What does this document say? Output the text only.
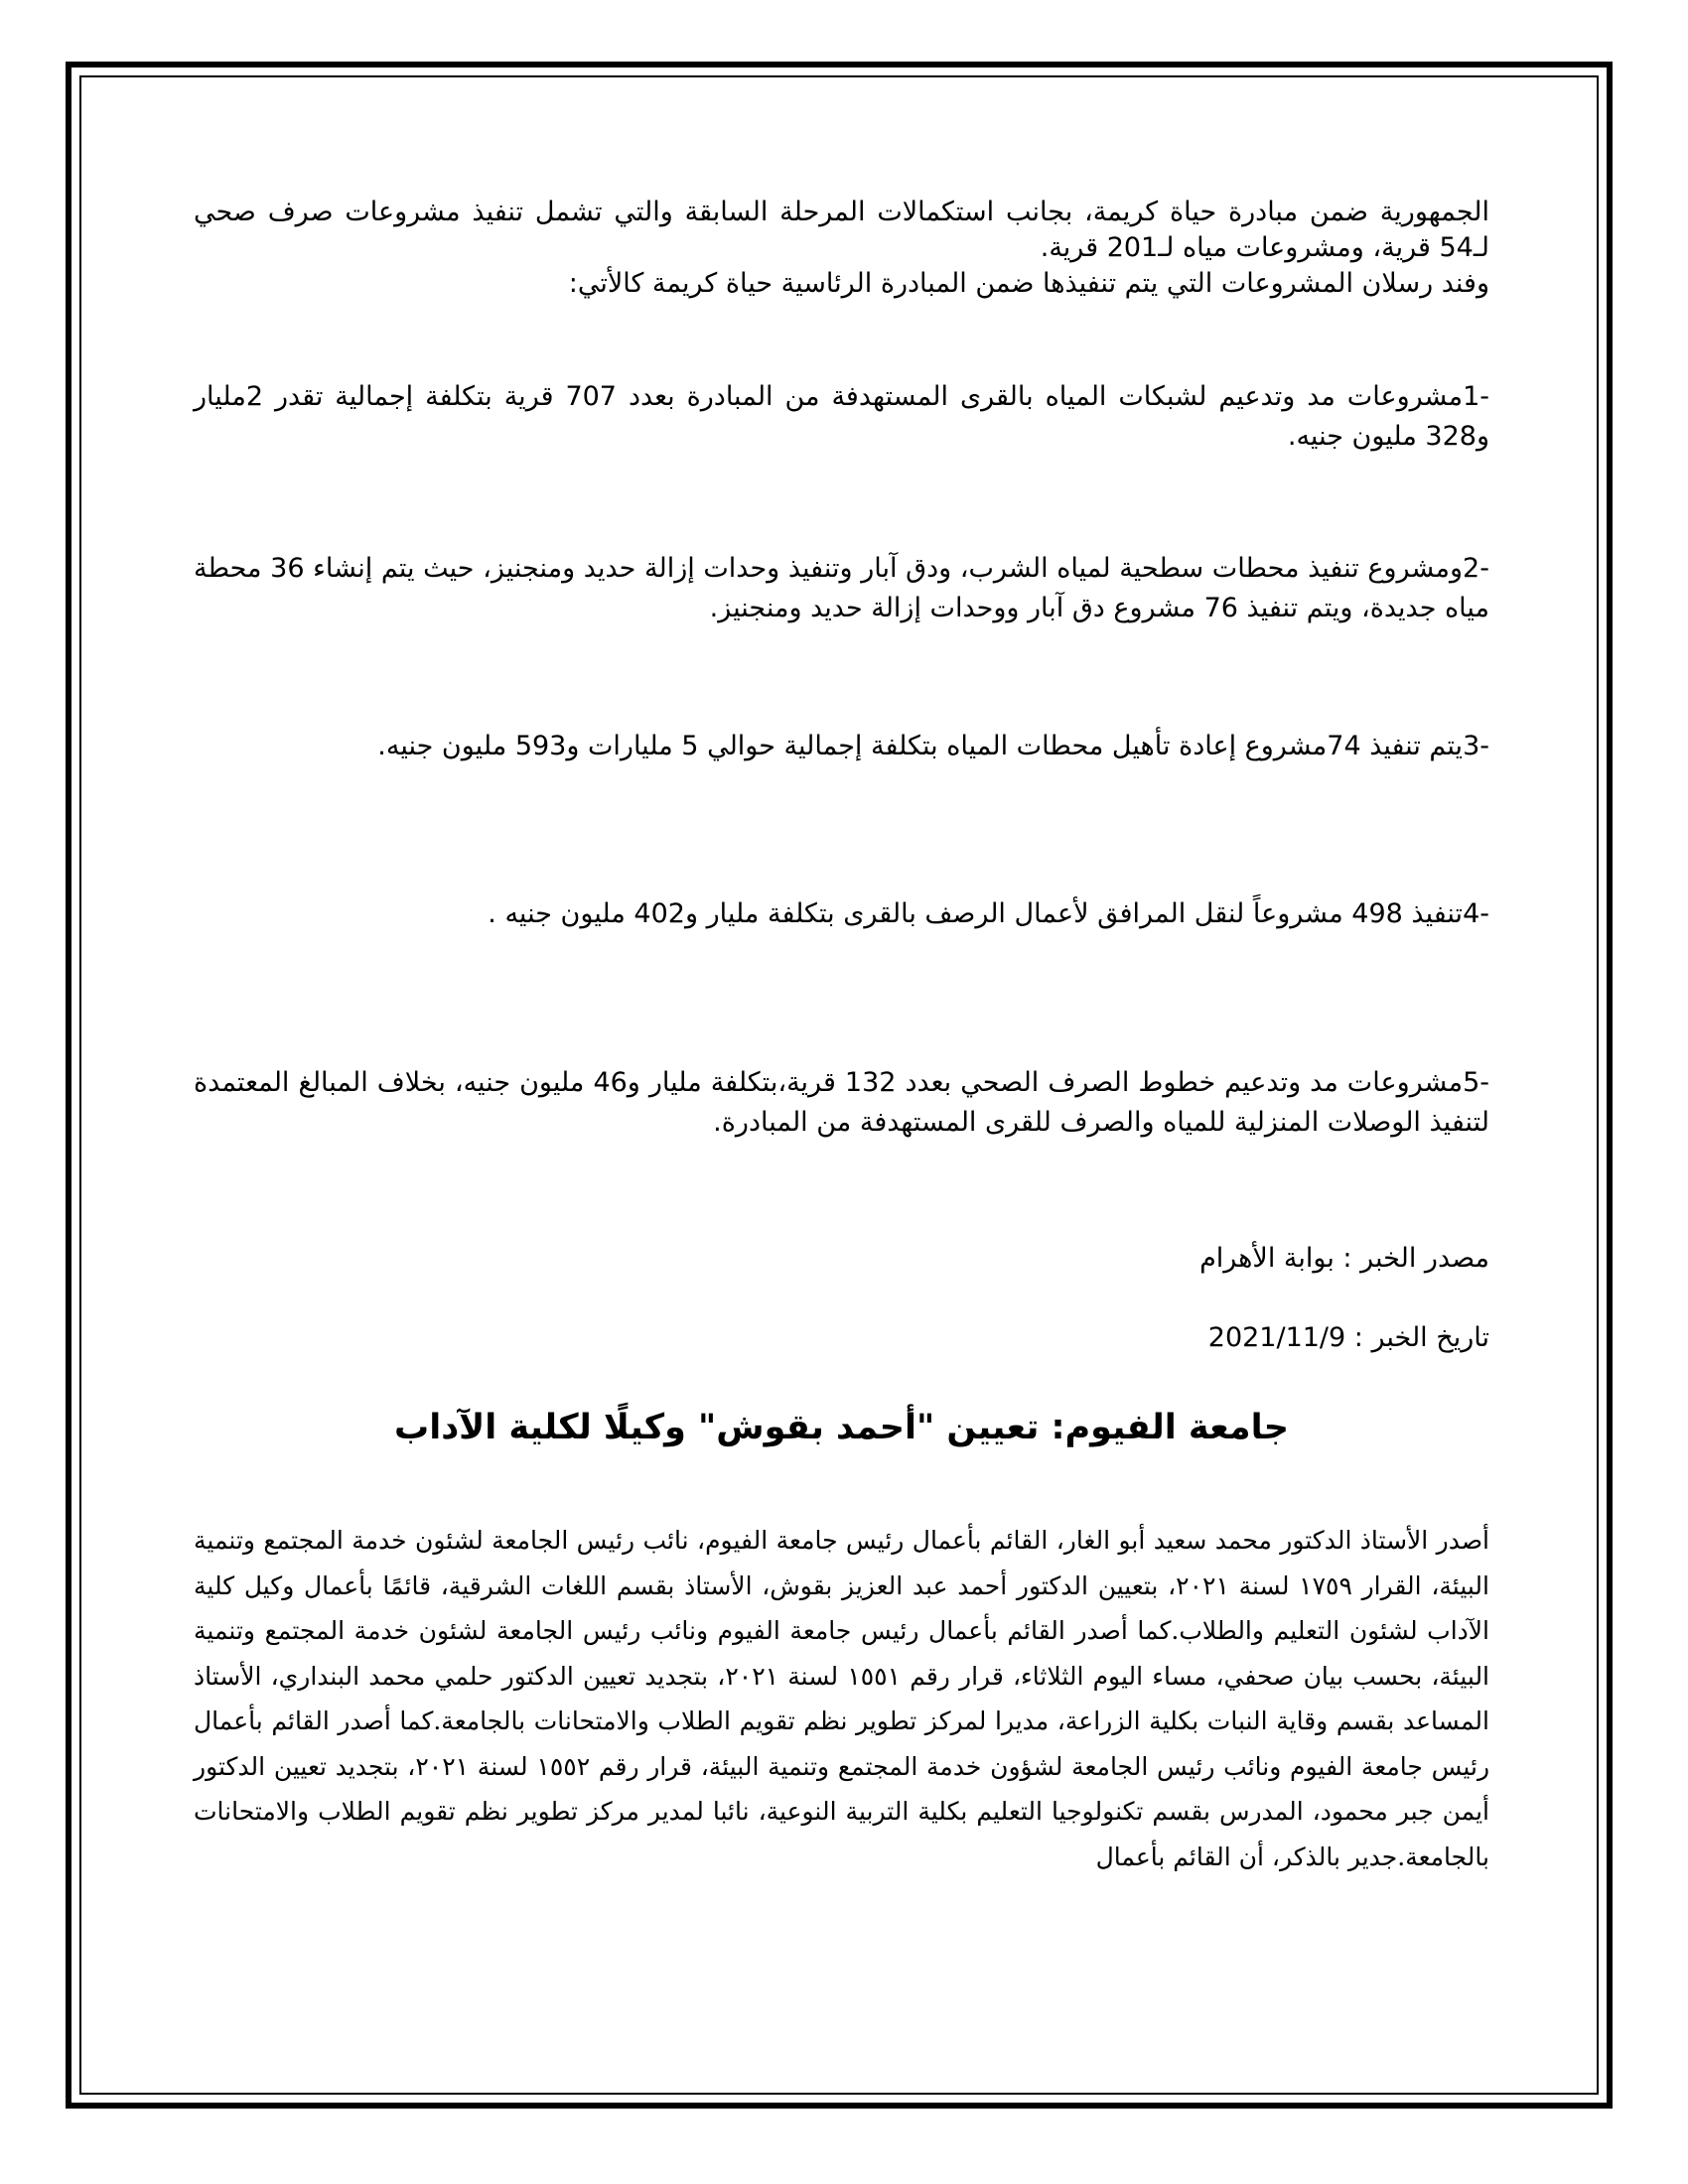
الجمهورية ضمن مبادرة حياة كريمة، بجانب استكمالات المرحلة السابقة والتي تشمل تنفيذ مشروعات صرف صحي لـ54 قرية، ومشروعات مياه لـ201 قرية.

وفند رسلان المشروعات التي يتم تنفيذها ضمن المبادرة الرئاسية حياة كريمة كالأتي:

-1مشروعات مد وتدعيم لشبكات المياه بالقرى المستهدفة من المبادرة بعدد 707 قرية بتكلفة إجمالية تقدر 2مليار و328 مليون جنيه.

-2ومشروع تنفيذ محطات سطحية لمياه الشرب، ودق آبار وتنفيذ وحدات إزالة حديد ومنجنيز، حيث يتم إنشاء 36 محطة مياه جديدة، ويتم تنفيذ 76 مشروع دق آبار ووحدات إزالة حديد ومنجنيز.

-3يتم تنفيذ 74مشروع إعادة تأهيل محطات المياه بتكلفة إجمالية حوالي 5 مليارات و593 مليون جنيه.

-4تنفيذ 498 مشروعاً لنقل المرافق لأعمال الرصف بالقرى بتكلفة مليار و402 مليون جنيه .

-5مشروعات مد وتدعيم خطوط الصرف الصحي بعدد 132 قرية،بتكلفة مليار و46 مليون جنيه، بخلاف المبالغ المعتمدة لتنفيذ الوصلات المنزلية للمياه والصرف للقرى المستهدفة من المبادرة.

مصدر الخبر : بوابة الأهرام

تاريخ الخبر : 2021/11/9

جامعة الفيوم: تعيين "أحمد بقوش" وكيلًا لكلية الآداب

أصدر الأستاذ الدكتور محمد سعيد أبو الغار، القائم بأعمال رئيس جامعة الفيوم، نائب رئيس الجامعة لشئون خدمة المجتمع وتنمية البيئة، القرار ١٧٥٩ لسنة ٢٠٢١، بتعيين الدكتور أحمد عبد العزيز بقوش، الأستاذ بقسم اللغات الشرقية، قائمًا بأعمال وكيل كلية الآداب لشئون التعليم والطلاب.كما أصدر القائم بأعمال رئيس جامعة الفيوم ونائب رئيس الجامعة لشئون خدمة المجتمع وتنمية البيئة، بحسب بيان صحفي، مساء اليوم الثلاثاء، قرار رقم ١٥٥١ لسنة ٢٠٢١، بتجديد تعيين الدكتور حلمي محمد البنداري، الأستاذ المساعد بقسم وقاية النبات بكلية الزراعة، مديرا لمركز تطوير نظم تقويم الطلاب والامتحانات بالجامعة.كما أصدر القائم بأعمال رئيس جامعة الفيوم ونائب رئيس الجامعة لشؤون خدمة المجتمع وتنمية البيئة، قرار رقم ١٥٥٢ لسنة ٢٠٢١، بتجديد تعيين الدكتور أيمن جبر محمود، المدرس بقسم تكنولوجيا التعليم بكلية التربية النوعية، نائبا لمدير مركز تطوير نظم تقويم الطلاب والامتحانات بالجامعة.جدير بالذكر، أن القائم بأعمال
